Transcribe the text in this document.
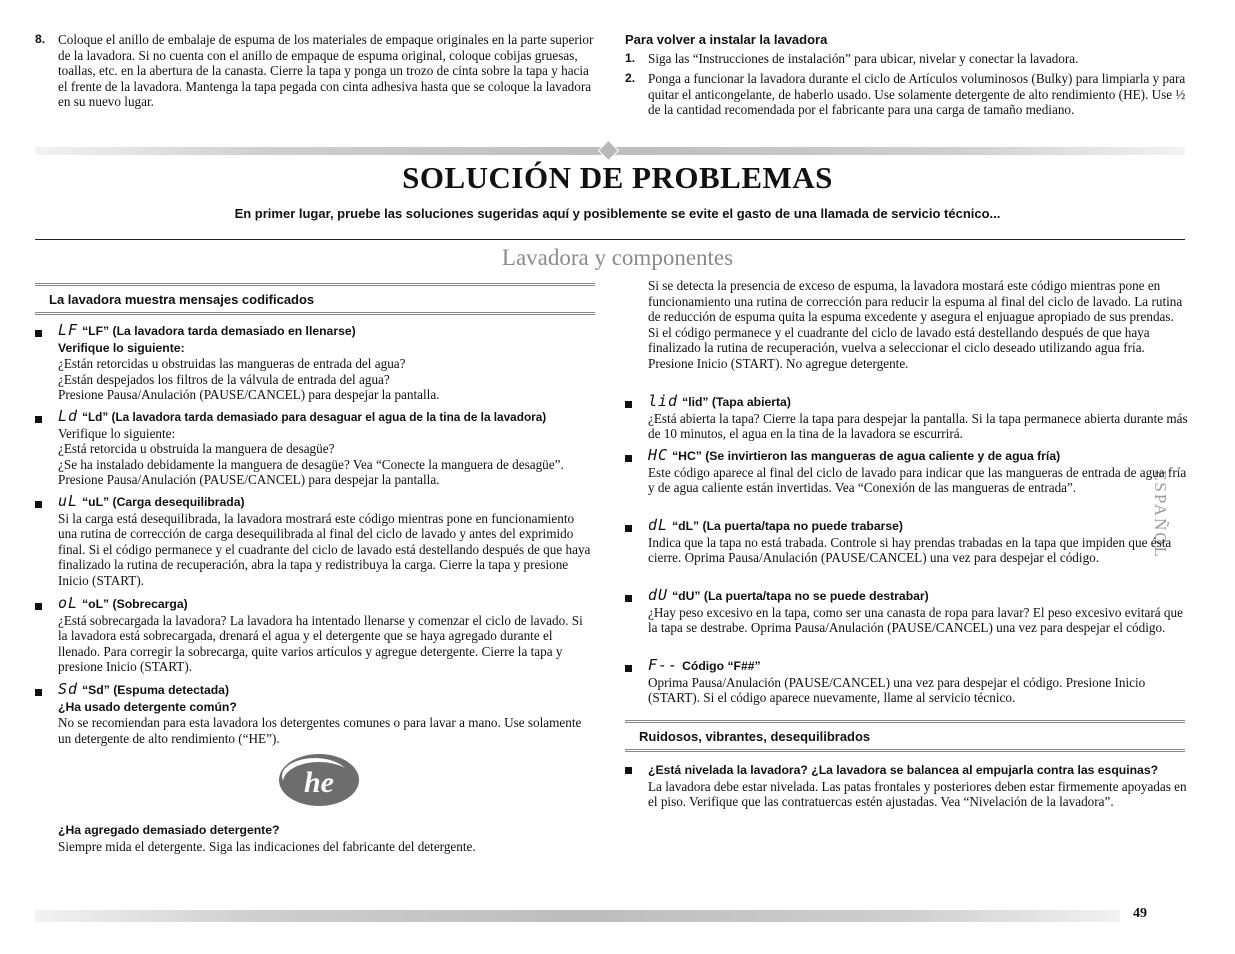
8. Coloque el anillo de embalaje de espuma de los materiales de empaque originales en la parte superior de la lavadora. Si no cuenta con el anillo de empaque de espuma original, coloque cobijas gruesas, toallas, etc. en la abertura de la canasta. Cierre la tapa y ponga un trozo de cinta sobre la tapa y hacia el frente de la lavadora. Mantenga la tapa pegada con cinta adhesiva hasta que se coloque la lavadora en su nuevo lugar.
Para volver a instalar la lavadora
1. Siga las “Instrucciones de instalación” para ubicar, nivelar y conectar la lavadora.
2. Ponga a funcionar la lavadora durante el ciclo de Artículos voluminosos (Bulky) para limpiarla y para quitar el anticongelante, de haberlo usado. Use solamente detergente de alto rendimiento (HE). Use ½ de la cantidad recomendada por el fabricante para una carga de tamaño mediano.
SOLUCIÓN DE PROBLEMAS
En primer lugar, pruebe las soluciones sugeridas aquí y posiblemente se evite el gasto de una llamada de servicio técnico...
Lavadora y componentes
ESPAÑOL
La lavadora muestra mensajes codificados
LF “LF” (La lavadora tarda demasiado en llenarse)
Verifique lo siguiente:
¿Están retorcidas u obstruidas las mangueras de entrada del agua?
¿Están despejados los filtros de la válvula de entrada del agua?
Presione Pausa/Anulación (PAUSE/CANCEL) para despejar la pantalla.
Ld “Ld” (La lavadora tarda demasiado para desaguar el agua de la tina de la lavadora)
Verifique lo siguiente:
¿Está retorcida u obstruida la manguera de desagüe?
¿Se ha instalado debidamente la manguera de desagüe? Vea “Conecte la manguera de desagüe”. Presione Pausa/Anulación (PAUSE/CANCEL) para despejar la pantalla.
uL “uL” (Carga desequilibrada)
Si la carga está desequilibrada, la lavadora mostrará este código mientras pone en funcionamiento una rutina de corrección de carga desequilibrada al final del ciclo de lavado y antes del exprimido final. Si el código permanece y el cuadrante del ciclo de lavado está destellando después de que haya finalizado la rutina de recuperación, abra la tapa y redistribuya la carga. Cierre la tapa y presione Inicio (START).
oL “oL” (Sobrecarga)
¿Está sobrecargada la lavadora? La lavadora ha intentado llenarse y comenzar el ciclo de lavado. Si la lavadora está sobrecargada, drenará el agua y el detergente que se haya agregado durante el llenado. Para corregir la sobrecarga, quite varios artículos y agregue detergente. Cierre la tapa y presione Inicio (START).
Sd “Sd” (Espuma detectada)
¿Ha usado detergente común?
No se recomiendan para esta lavadora los detergentes comunes o para lavar a mano. Use solamente un detergente de alto rendimiento (“HE”).
he
¿Ha agregado demasiado detergente?
Siempre mida el detergente. Siga las indicaciones del fabricante del detergente.
Si se detecta la presencia de exceso de espuma, la lavadora mostará este código mientras pone en funcionamiento una rutina de corrección para reducir la espuma al final del ciclo de lavado. La rutina de reducción de espuma quita la espuma excedente y asegura el enjuague apropiado de sus prendas. Si el código permanece y el cuadrante del ciclo de lavado está destellando después de que haya finalizado la rutina de recuperación, vuelva a seleccionar el ciclo deseado utilizando agua fría. Presione Inicio (START). No agregue detergente.
lid “lid” (Tapa abierta)
¿Está abierta la tapa? Cierre la tapa para despejar la pantalla. Si la tapa permanece abierta durante más de 10 minutos, el agua en la tina de la lavadora se escurrirá.
HC “HC” (Se invirtieron las mangueras de agua caliente y de agua fría)
Este código aparece al final del ciclo de lavado para indicar que las mangueras de entrada de agua fría y de agua caliente están invertidas. Vea “Conexión de las mangueras de entrada”.
dL “dL” (La puerta/tapa no puede trabarse)
Indica que la tapa no está trabada. Controle si hay prendas trabadas en la tapa que impiden que ésta cierre. Oprima Pausa/Anulación (PAUSE/CANCEL) una vez para despejar el código.
dU “dU” (La puerta/tapa no se puede destrabar)
¿Hay peso excesivo en la tapa, como ser una canasta de ropa para lavar? El peso excesivo evitará que la tapa se destrabe. Oprima Pausa/Anulación (PAUSE/CANCEL) una vez para despejar el código.
F-- Código “F##”
Oprima Pausa/Anulación (PAUSE/CANCEL) una vez para despejar el código. Presione Inicio (START). Si el código aparece nuevamente, llame al servicio técnico.
Ruidosos, vibrantes, desequilibrados
¿Está nivelada la lavadora? ¿La lavadora se balancea al empujarla contra las esquinas?
La lavadora debe estar nivelada. Las patas frontales y posteriores deben estar firmemente apoyadas en el piso. Verifique que las contratuercas estén ajustadas. Vea “Nivelación de la lavadora”.
49
